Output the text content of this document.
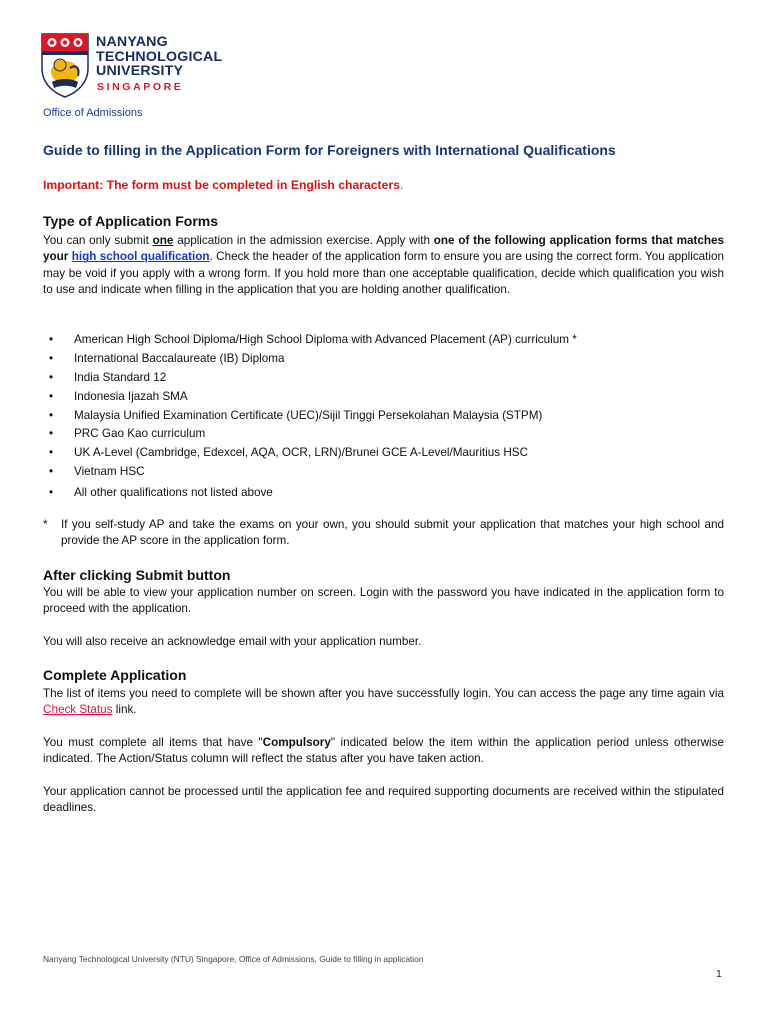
NANYANG
TECHNOLOGICAL
UNIVERSITY
SINGAPORE
Office of Admissions
Guide to filling in the Application Form for Foreigners with International Qualifications
Important: The form must be completed in English characters.
Type of Application Forms
You can only submit one application in the admission exercise. Apply with one of the following application forms that matches your high school qualification. Check the header of the application form to ensure you are using the correct form. You application may be void if you apply with a wrong form. If you hold more than one acceptable qualification, decide which qualification you wish to use and indicate when filling in the application that you are holding another qualification.
• American High School Diploma/High School Diploma with Advanced Placement (AP) curriculum *
• International Baccalaureate (IB) Diploma
• India Standard 12
• Indonesia Ijazah SMA
• Malaysia Unified Examination Certificate (UEC)/Sijil Tinggi Persekolahan Malaysia (STPM)
• PRC Gao Kao curriculum
• UK A-Level (Cambridge, Edexcel, AQA, OCR, LRN)/Brunei GCE A-Level/Mauritius HSC
• Vietnam HSC
• All other qualifications not listed above
* If you self-study AP and take the exams on your own, you should submit your application that matches your high school and provide the AP score in the application form.
After clicking Submit button
You will be able to view your application number on screen. Login with the password you have indicated in the application form to proceed with the application.
You will also receive an acknowledge email with your application number.
Complete Application
The list of items you need to complete will be shown after you have successfully login. You can access the page any time again via Check Status link.
You must complete all items that have "Compulsory" indicated below the item within the application period unless otherwise indicated. The Action/Status column will reflect the status after you have taken action.
Your application cannot be processed until the application fee and required supporting documents are received within the stipulated deadlines.
Nanyang Technological University (NTU) Singapore, Office of Admissions, Guide to filling in application
1
